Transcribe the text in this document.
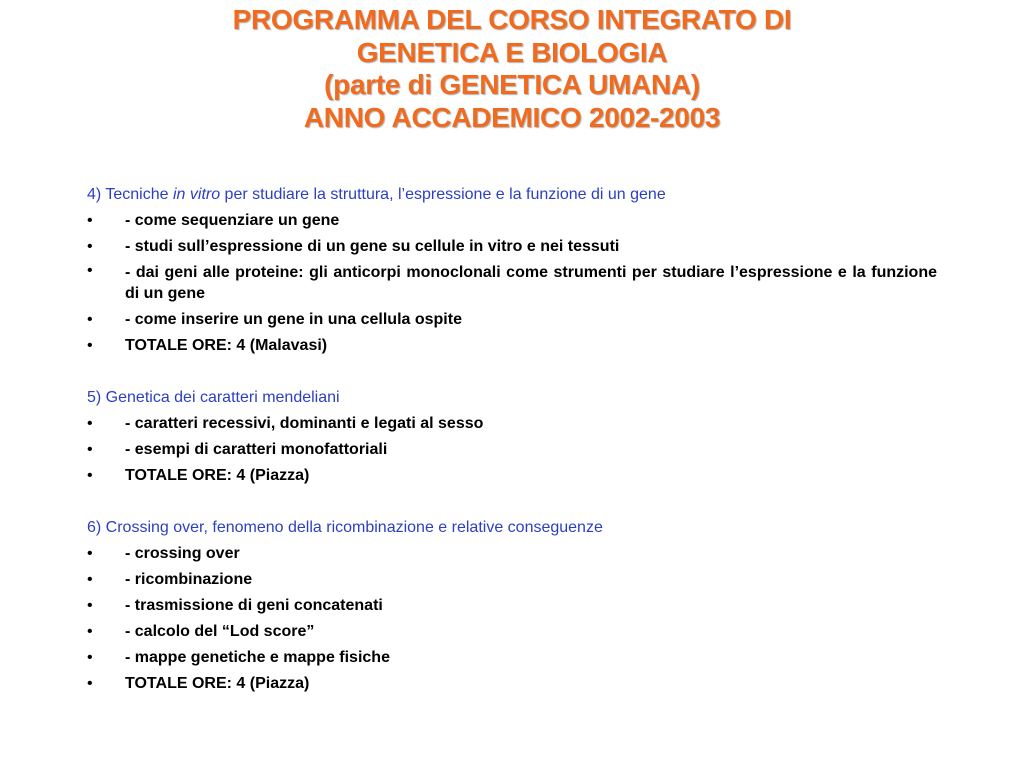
PROGRAMMA DEL CORSO INTEGRATO DI
GENETICA E BIOLOGIA
(parte di GENETICA UMANA)
ANNO ACCADEMICO 2002-2003
4) Tecniche in vitro per studiare la struttura, l’espressione e la funzione di un gene
• - come sequenziare un gene
• - studi sull’espressione di un gene su cellule in vitro e nei tessuti
• - dai geni alle proteine: gli anticorpi monoclonali come strumenti per studiare l’espressione e la funzione di un gene
• - come inserire un gene in una cellula ospite
• TOTALE ORE: 4 (Malavasi)
5) Genetica dei caratteri mendeliani
• - caratteri recessivi, dominanti e legati al sesso
• - esempi di caratteri monofattoriali
• TOTALE ORE: 4 (Piazza)
6) Crossing over, fenomeno della ricombinazione e relative conseguenze
• - crossing over
• - ricombinazione
• - trasmissione di geni concatenati
• - calcolo del “Lod score”
• - mappe genetiche e mappe fisiche
• TOTALE ORE: 4 (Piazza)
